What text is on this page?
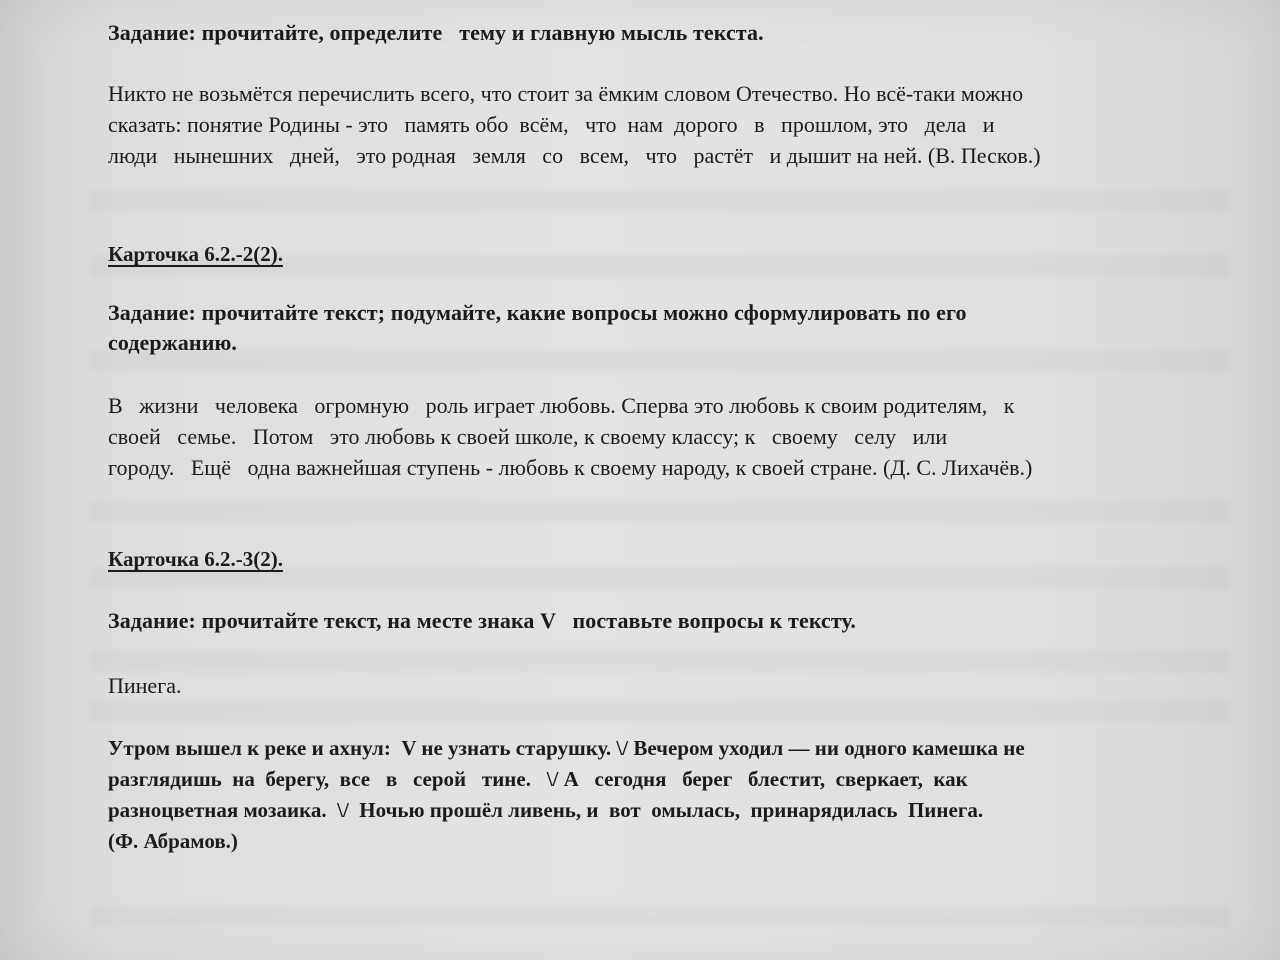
Задание: прочитайте, определите   тему и главную мысль текста.

Никто не возьмётся перечислить всего, что стоит за ёмким словом Отечество. Но всё-таки можно
сказать: понятие Родины - это   память обо  всём,   что  нам  дорого   в   прошлом, это   дела   и
люди   нынешних   дней,   это родная   земля   со   всем,   что   растёт   и дышит на ней. (В. Песков.)

Карточка 6.2.-2(2).

Задание: прочитайте текст; подумайте, какие вопросы можно сформулировать по его
содержанию.

В   жизни   человека   огромную   роль играет любовь. Сперва это любовь к своим родителям,   к
своей   семье.   Потом   это любовь к своей школе, к своему классу; к   своему   селу   или
городу.   Ещё   одна важнейшая ступень - любовь к своему народу, к своей стране. (Д. С. Лихачёв.)

Карточка 6.2.-3(2).

Задание: прочитайте текст, на месте знака V   поставьте вопросы к тексту.

Пинега.

Утром вышел к реке и ахнул:  V не узнать старушку. \/ Вечером уходил — ни одного камешка не
разглядишь  на  берегу,  все   в   серой   тине.   \/ А   сегодня   берег   блестит,  сверкает,  как
разноцветная мозаика.  \/  Ночью прошёл ливень, и  вот  омылась,  принарядилась  Пинега.
(Ф. Абрамов.)
